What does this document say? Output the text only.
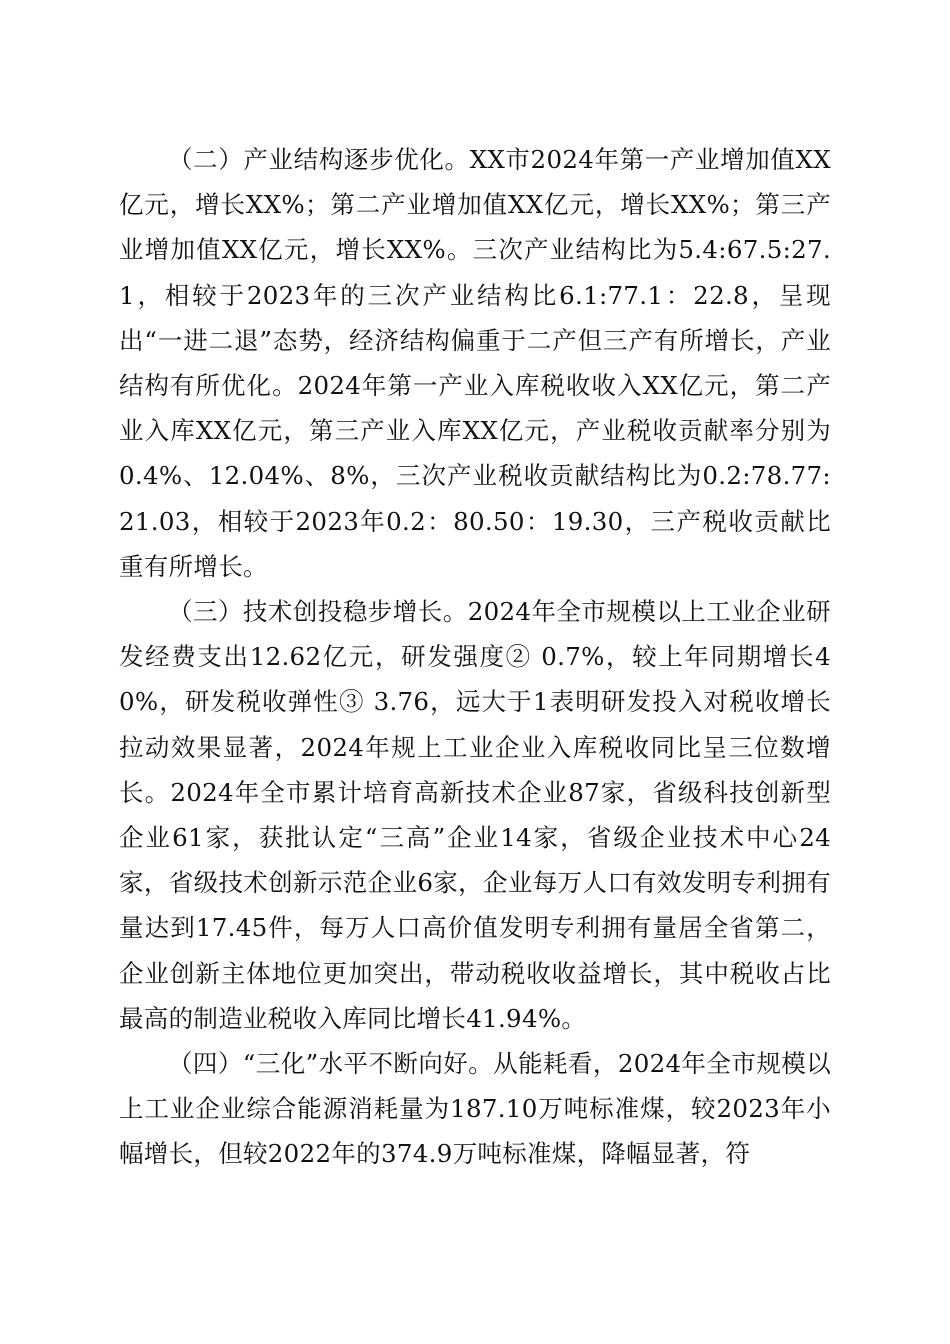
（二）产业结构逐步优化。XX市2024年第一产业增加值XX亿元，增长XX%；第二产业增加值XX亿元，增长XX%；第三产业增加值XX亿元，增长XX%。三次产业结构比为5.4:67.5:27.1，相较于2023年的三次产业结构比6.1:77.1：22.8，呈现出“一进二退”态势，经济结构偏重于二产但三产有所增长，产业结构有所优化。2024年第一产业入库税收收入XX亿元，第二产业入库XX亿元，第三产业入库XX亿元，产业税收贡献率分别为0.4%、12.04%、8%，三次产业税收贡献结构比为0.2:78.77:21.03，相较于2023年0.2：80.50：19.30，三产税收贡献比重有所增长。

（三）技术创投稳步增长。2024年全市规模以上工业企业研发经费支出12.62亿元，研发强度② 0.7%，较上年同期增长40%，研发税收弹性③ 3.76，远大于1表明研发投入对税收增长拉动效果显著，2024年规上工业企业入库税收同比呈三位数增长。2024年全市累计培育高新技术企业87家，省级科技创新型企业61家，获批认定“三高”企业14家，省级企业技术中心24家，省级技术创新示范企业6家，企业每万人口有效发明专利拥有量达到17.45件，每万人口高价值发明专利拥有量居全省第二，企业创新主体地位更加突出，带动税收收益增长，其中税收占比最高的制造业税收入库同比增长41.94%。

（四）“三化”水平不断向好。从能耗看，2024年全市规模以上工业企业综合能源消耗量为187.10万吨标准煤，较2023年小幅增长，但较2022年的374.9万吨标准煤，降幅显著，符
